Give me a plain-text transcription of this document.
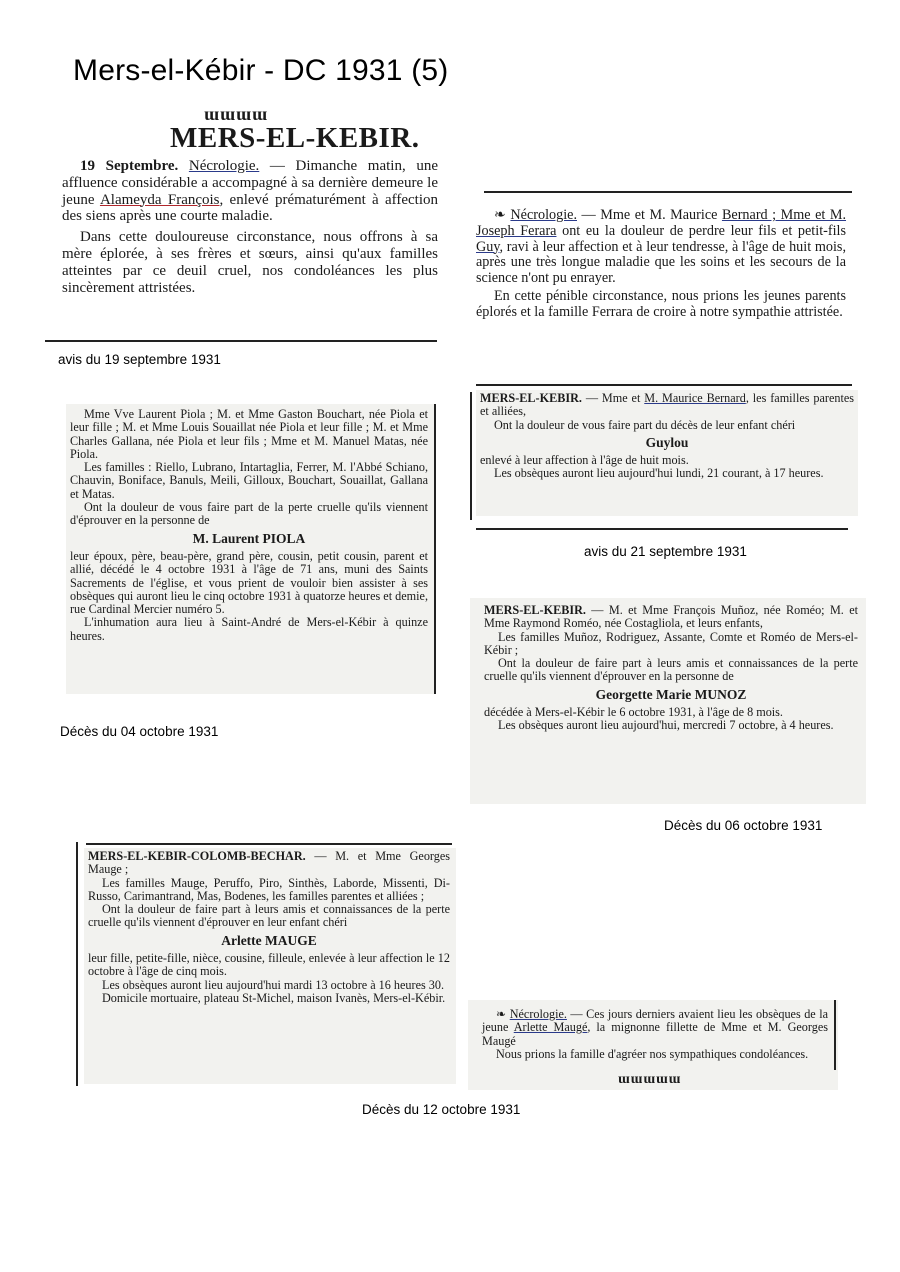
Mers-el-Kébir - DC 1931 (5)
ɯɯɯɯ
MERS-EL-KEBIR.

19 Septembre. Nécrologie. — Dimanche matin, une affluence considérable a accompagné à sa dernière demeure le jeune Alameyda François, enlevé prématurément à affection des siens après une courte maladie.

Dans cette douloureuse circonstance, nous offrons à sa mère éplorée, à ses frères et sœurs, ainsi qu'aux familles atteintes par ce deuil cruel, nos condoléances les plus sincèrement attristées.

avis du 19 septembre 1931

❧ Nécrologie. — Mme et M. Maurice Bernard ; Mme et M. Joseph Ferara ont eu la douleur de perdre leur fils et petit-fils Guy, ravi à leur affection et à leur tendresse, à l'âge de huit mois, après une très longue maladie que les soins et les secours de la science n'ont pu enrayer.

En cette pénible circonstance, nous prions les jeunes parents éplorés et la famille Ferrara de croire à notre sympathie attristée.

MERS-EL-KEBIR. — Mme et M. Maurice Bernard, les familles parentes et alliées,

Ont la douleur de vous faire part du décès de leur enfant chéri

Guylou

enlevé à leur affection à l'âge de huit mois.

Les obsèques auront lieu aujourd'hui lundi, 21 courant, à 17 heures.

avis du 21 septembre 1931

Mme Vve Laurent Piola ; M. et Mme Gaston Bouchart, née Piola et leur fille ; M. et Mme Louis Souaillat née Piola et leur fille ; M. et Mme Charles Gallana, née Piola et leur fils ; Mme et M. Manuel Matas, née Piola.

Les familles : Riello, Lubrano, Intartaglia, Ferrer, M. l'Abbé Schiano, Chauvin, Boniface, Banuls, Meili, Gilloux, Bouchart, Souaillat, Gallana et Matas.

Ont la douleur de vous faire part de la perte cruelle qu'ils viennent d'éprouver en la personne de

M. Laurent PIOLA

leur époux, père, beau-père, grand père, cousin, petit cousin, parent et allié, décédé le 4 octobre 1931 à l'âge de 71 ans, muni des Saints Sacrements de l'église, et vous prient de vouloir bien assister à ses obsèques qui auront lieu le cinq octobre 1931 à quatorze heures et demie, rue Cardinal Mercier numéro 5.

L'inhumation aura lieu à Saint-André de Mers-el-Kébir à quinze heures.

Décès du 04 octobre 1931

MERS-EL-KEBIR. — M. et Mme François Muñoz, née Roméo; M. et Mme Raymond Roméo, née Costagliola, et leurs enfants,

Les familles Muñoz, Rodriguez, Assante, Comte et Roméo de Mers-el-Kébir ;

Ont la douleur de faire part à leurs amis et connaissances de la perte cruelle qu'ils viennent d'éprouver en la personne de

Georgette Marie MUNOZ

décédée à Mers-el-Kébir le 6 octobre 1931, à l'âge de 8 mois.

Les obsèques auront lieu aujourd'hui, mercredi 7 octobre, à 4 heures.

Décès du 06 octobre 1931

MERS-EL-KEBIR-COLOMB-BECHAR. — M. et Mme Georges Mauge ;

Les familles Mauge, Peruffo, Piro, Sinthès, Laborde, Missenti, Di-Russo, Carimantrand, Mas, Bodenes, les familles parentes et alliées ;

Ont la douleur de faire part à leurs amis et connaissances de la perte cruelle qu'ils viennent d'éprouver en leur enfant chéri

Arlette MAUGE

leur fille, petite-fille, nièce, cousine, filleule, enlevée à leur affection le 12 octobre à l'âge de cinq mois.

Les obsèques auront lieu aujourd'hui mardi 13 octobre à 16 heures 30.

Domicile mortuaire, plateau St-Michel, maison Ivanès, Mers-el-Kébir.

Décès du 12 octobre 1931

❧ Nécrologie. — Ces jours derniers avaient lieu les obsèques de la jeune Arlette Maugé, la mignonne fillette de Mme et M. Georges Maugé

Nous prions la famille d'agréer nos sympathiques condoléances.

ɯɯɯɯɯ
